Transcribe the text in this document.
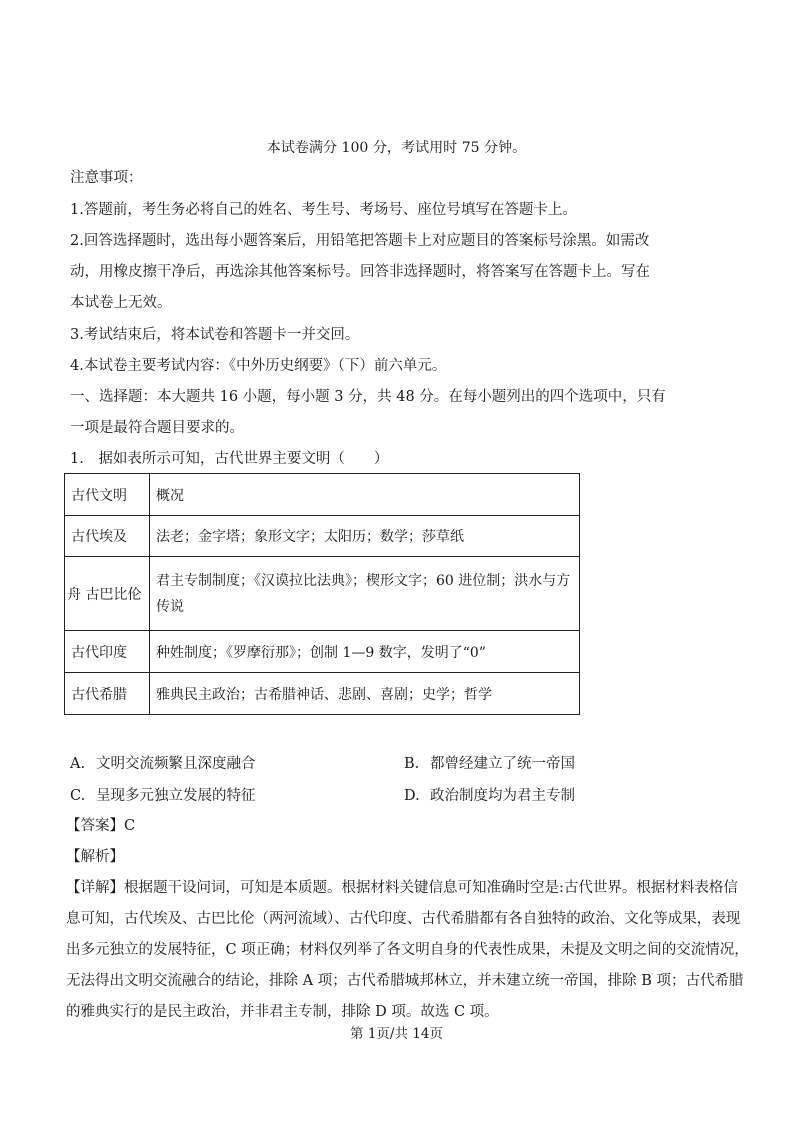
本试卷满分 100 分，考试用时 75 分钟。
注意事项：
1.答题前，考生务必将自己的姓名、考生号、考场号、座位号填写在答题卡上。
2.回答选择题时，选出每小题答案后，用铅笔把答题卡上对应题目的答案标号涂黑。如需改
动，用橡皮擦干净后，再选涂其他答案标号。回答非选择题时，将答案写在答题卡上。写在
本试卷上无效。
3.考试结束后，将本试卷和答题卡一并交回。
4.本试卷主要考试内容：《中外历史纲要》（下）前六单元。
一、选择题：本大题共 16 小题，每小题 3 分，共 48 分。在每小题列出的四个选项中，只有
一项是最符合题目要求的。
1.　据如表所示可知，古代世界主要文明（　　）
古代文明	概况
古代埃及	法老；金字塔；象形文字；太阳历；数学；莎草纸
舟 古巴比伦	君主专制制度；《汉谟拉比法典》；楔形文字；60 进位制；洪水与方
传说

古代印度	种姓制度；《罗摩衍那》；创制 1—9 数字，发明了“0”
古代希腊	雅典民主政治；古希腊神话、悲剧、喜剧；史学；哲学
A. 文明交流频繁且深度融合	B. 都曾经建立了统一帝国
C. 呈现多元独立发展的特征	D. 政治制度均为君主专制
【答案】C
【解析】
【详解】根据题干设问词，可知是本质题。根据材料关键信息可知准确时空是:古代世界。根据材料表格信
息可知，古代埃及、古巴比伦（两河流域）、古代印度、古代希腊都有各自独特的政治、文化等成果，表现
出多元独立的发展特征，C 项正确；材料仅列举了各文明自身的代表性成果，未提及文明之间的交流情况，
无法得出文明交流融合的结论，排除 A 项；古代希腊城邦林立，并未建立统一帝国，排除 B 项；古代希腊
的雅典实行的是民主政治，并非君主专制，排除 D 项。故选 C 项。
第 1页/共 14页
